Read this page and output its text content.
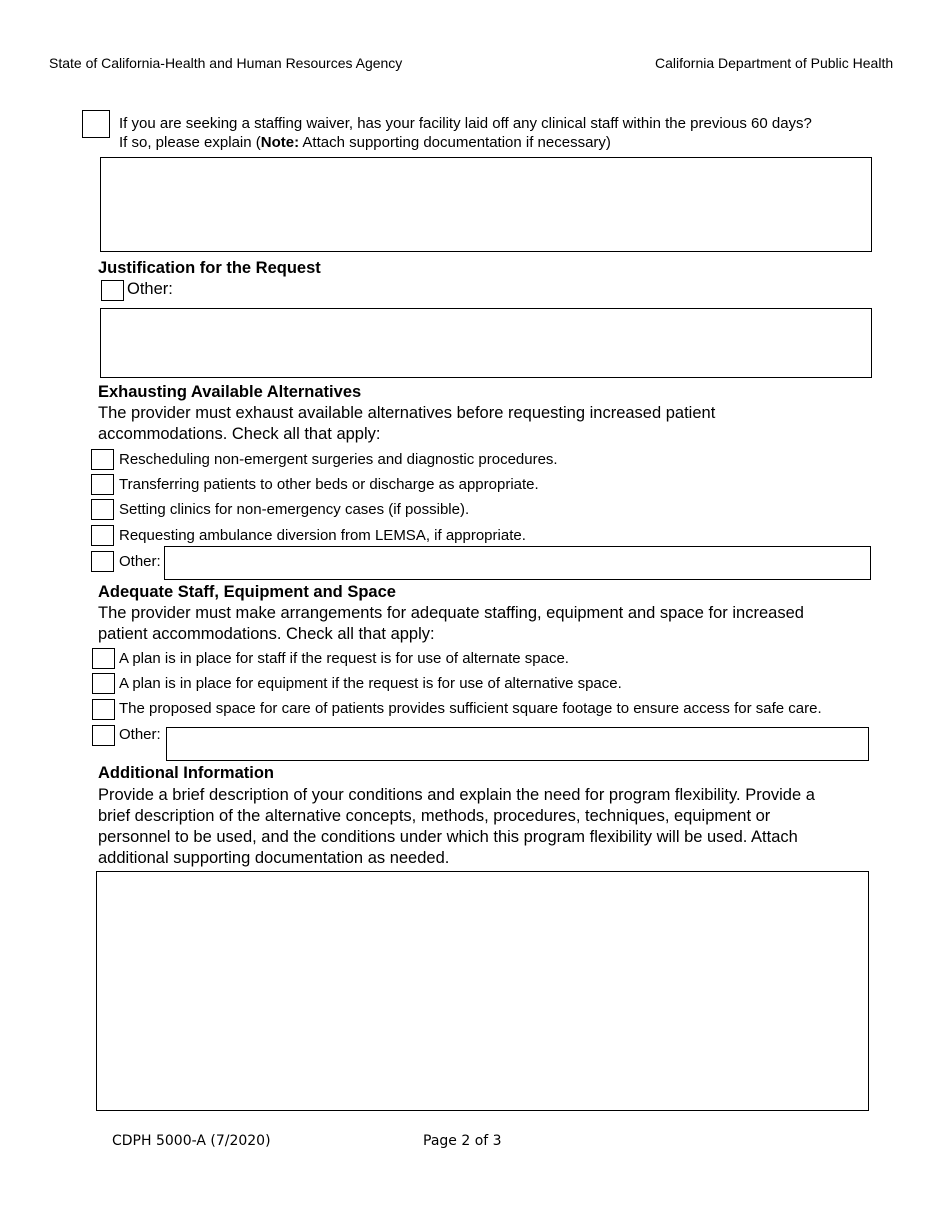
State of California-Health and Human Resources Agency	California Department of Public Health
If you are seeking a staffing waiver, has your facility laid off any clinical staff within the previous 60 days?
If so, please explain (Note: Attach supporting documentation if necessary)
Justification for the Request
Other:
Exhausting Available Alternatives
The provider must exhaust available alternatives before requesting increased patient
accommodations. Check all that apply:
Rescheduling non-emergent surgeries and diagnostic procedures.
Transferring patients to other beds or discharge as appropriate.
Setting clinics for non-emergency cases (if possible).
Requesting ambulance diversion from LEMSA, if appropriate.
Other:
Adequate Staff, Equipment and Space
The provider must make arrangements for adequate staffing, equipment and space for increased
patient accommodations. Check all that apply:
A plan is in place for staff if the request is for use of alternate space.
A plan is in place for equipment if the request is for use of alternative space.
The proposed space for care of patients provides sufficient square footage to ensure access for safe care.
Other:
Additional Information
Provide a brief description of your conditions and explain the need for program flexibility. Provide a
brief description of the alternative concepts, methods, procedures, techniques, equipment or
personnel to be used, and the conditions under which this program flexibility will be used. Attach
additional supporting documentation as needed.
CDPH 5000-A (7/2020)	Page 2 of 3
